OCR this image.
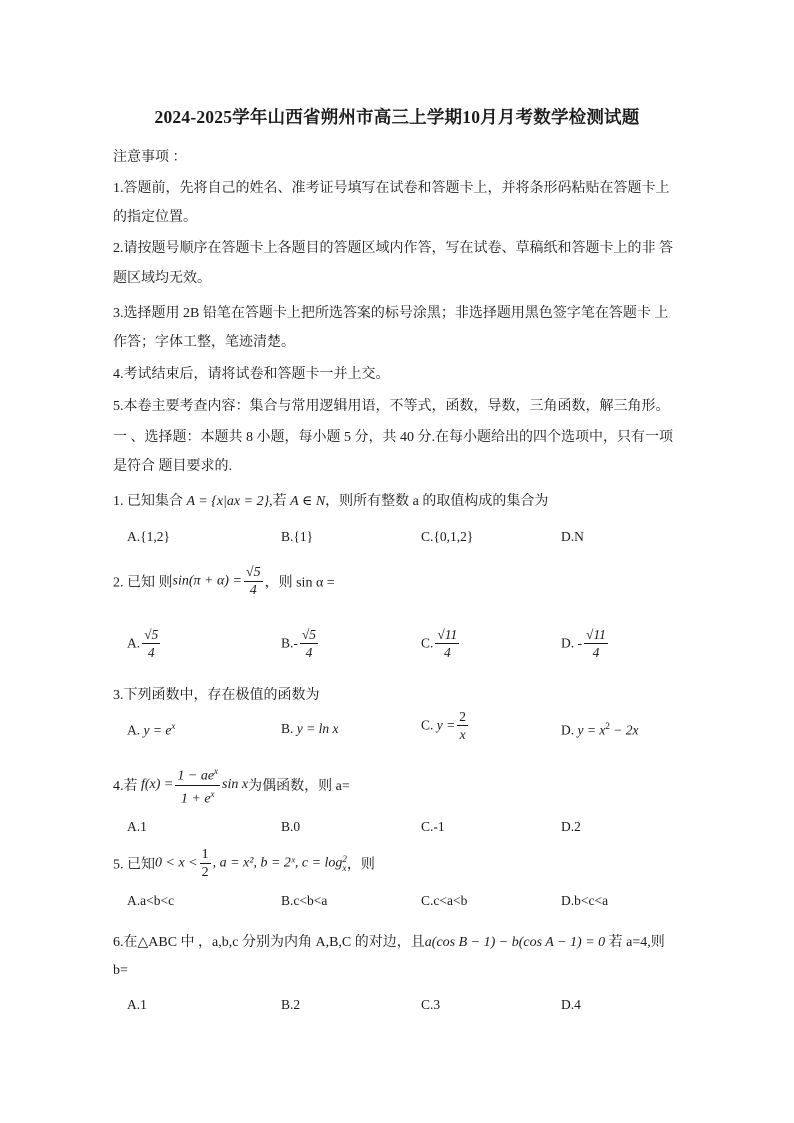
2024-2025学年山西省朔州市高三上学期10月月考数学检测试题
注意事项 ：
1.答题前，先将自己的姓名、准考证号填写在试卷和答题卡上，并将条形码粘贴在答题卡上
的指定位置。
2.请按题号顺序在答题卡上各题目的答题区域内作答，写在试卷、草稿纸和答题卡上的非 答
题区域均无效。
3.选择题用 2B 铅笔在答题卡上把所选答案的标号涂黑；非选择题用黑色签字笔在答题卡 上
作答；字体工整，笔迹清楚。
4.考试结束后，请将试卷和答题卡一并上交。
5.本卷主要考查内容：集合与常用逻辑用语，不等式，函数，导数，三角函数，解三角形。
一 、选择题：本题共 8 小题，每小题 5 分，共 40 分.在每小题给出的四个选项中，只有一项
是符合 题目要求的.
1. 已知集合 A = {x|ax = 2},若 A ∈ N，则所有整数 a 的取值构成的集合为
A.{1,2}	B.{1}	C.{0,1,2}	D.N
2. 已知 则$\sin(\pi + \alpha) = \frac{√5}{4}$ ，则 sin α =
A. $\frac{√5}{4}$	$B.- \frac{√5}{4}$	C. $\frac{√11}{4}$	D. - $\frac{√11}{4}$
3.下列函数中，存在极值的函数为
A. $y = e^x$	B. y = ln x	C. $y = \frac{2}{x}$	D. $y = x^2 - 2x$
4.若 $f(x) = \frac{1 - ae^x}{1 + e^x}$ sin x为偶函数，则 a=
A.1	B.0	C.-1	D.2
5. 已知$0 < x < \frac{1}{2}$ , a = x², b = 2ˣ, c = log 2
x ，则
A.a<b<c	B.c<b<a	C.c<a<b	D.b<c<a
6.在△ABC 中 ，a,b,c 分别为内角 A,B,C 的对边，且a(cos B − 1) − b(cos A − 1) = 0 若 a=4,则
b=
A.1	B.2	C.3	D.4
